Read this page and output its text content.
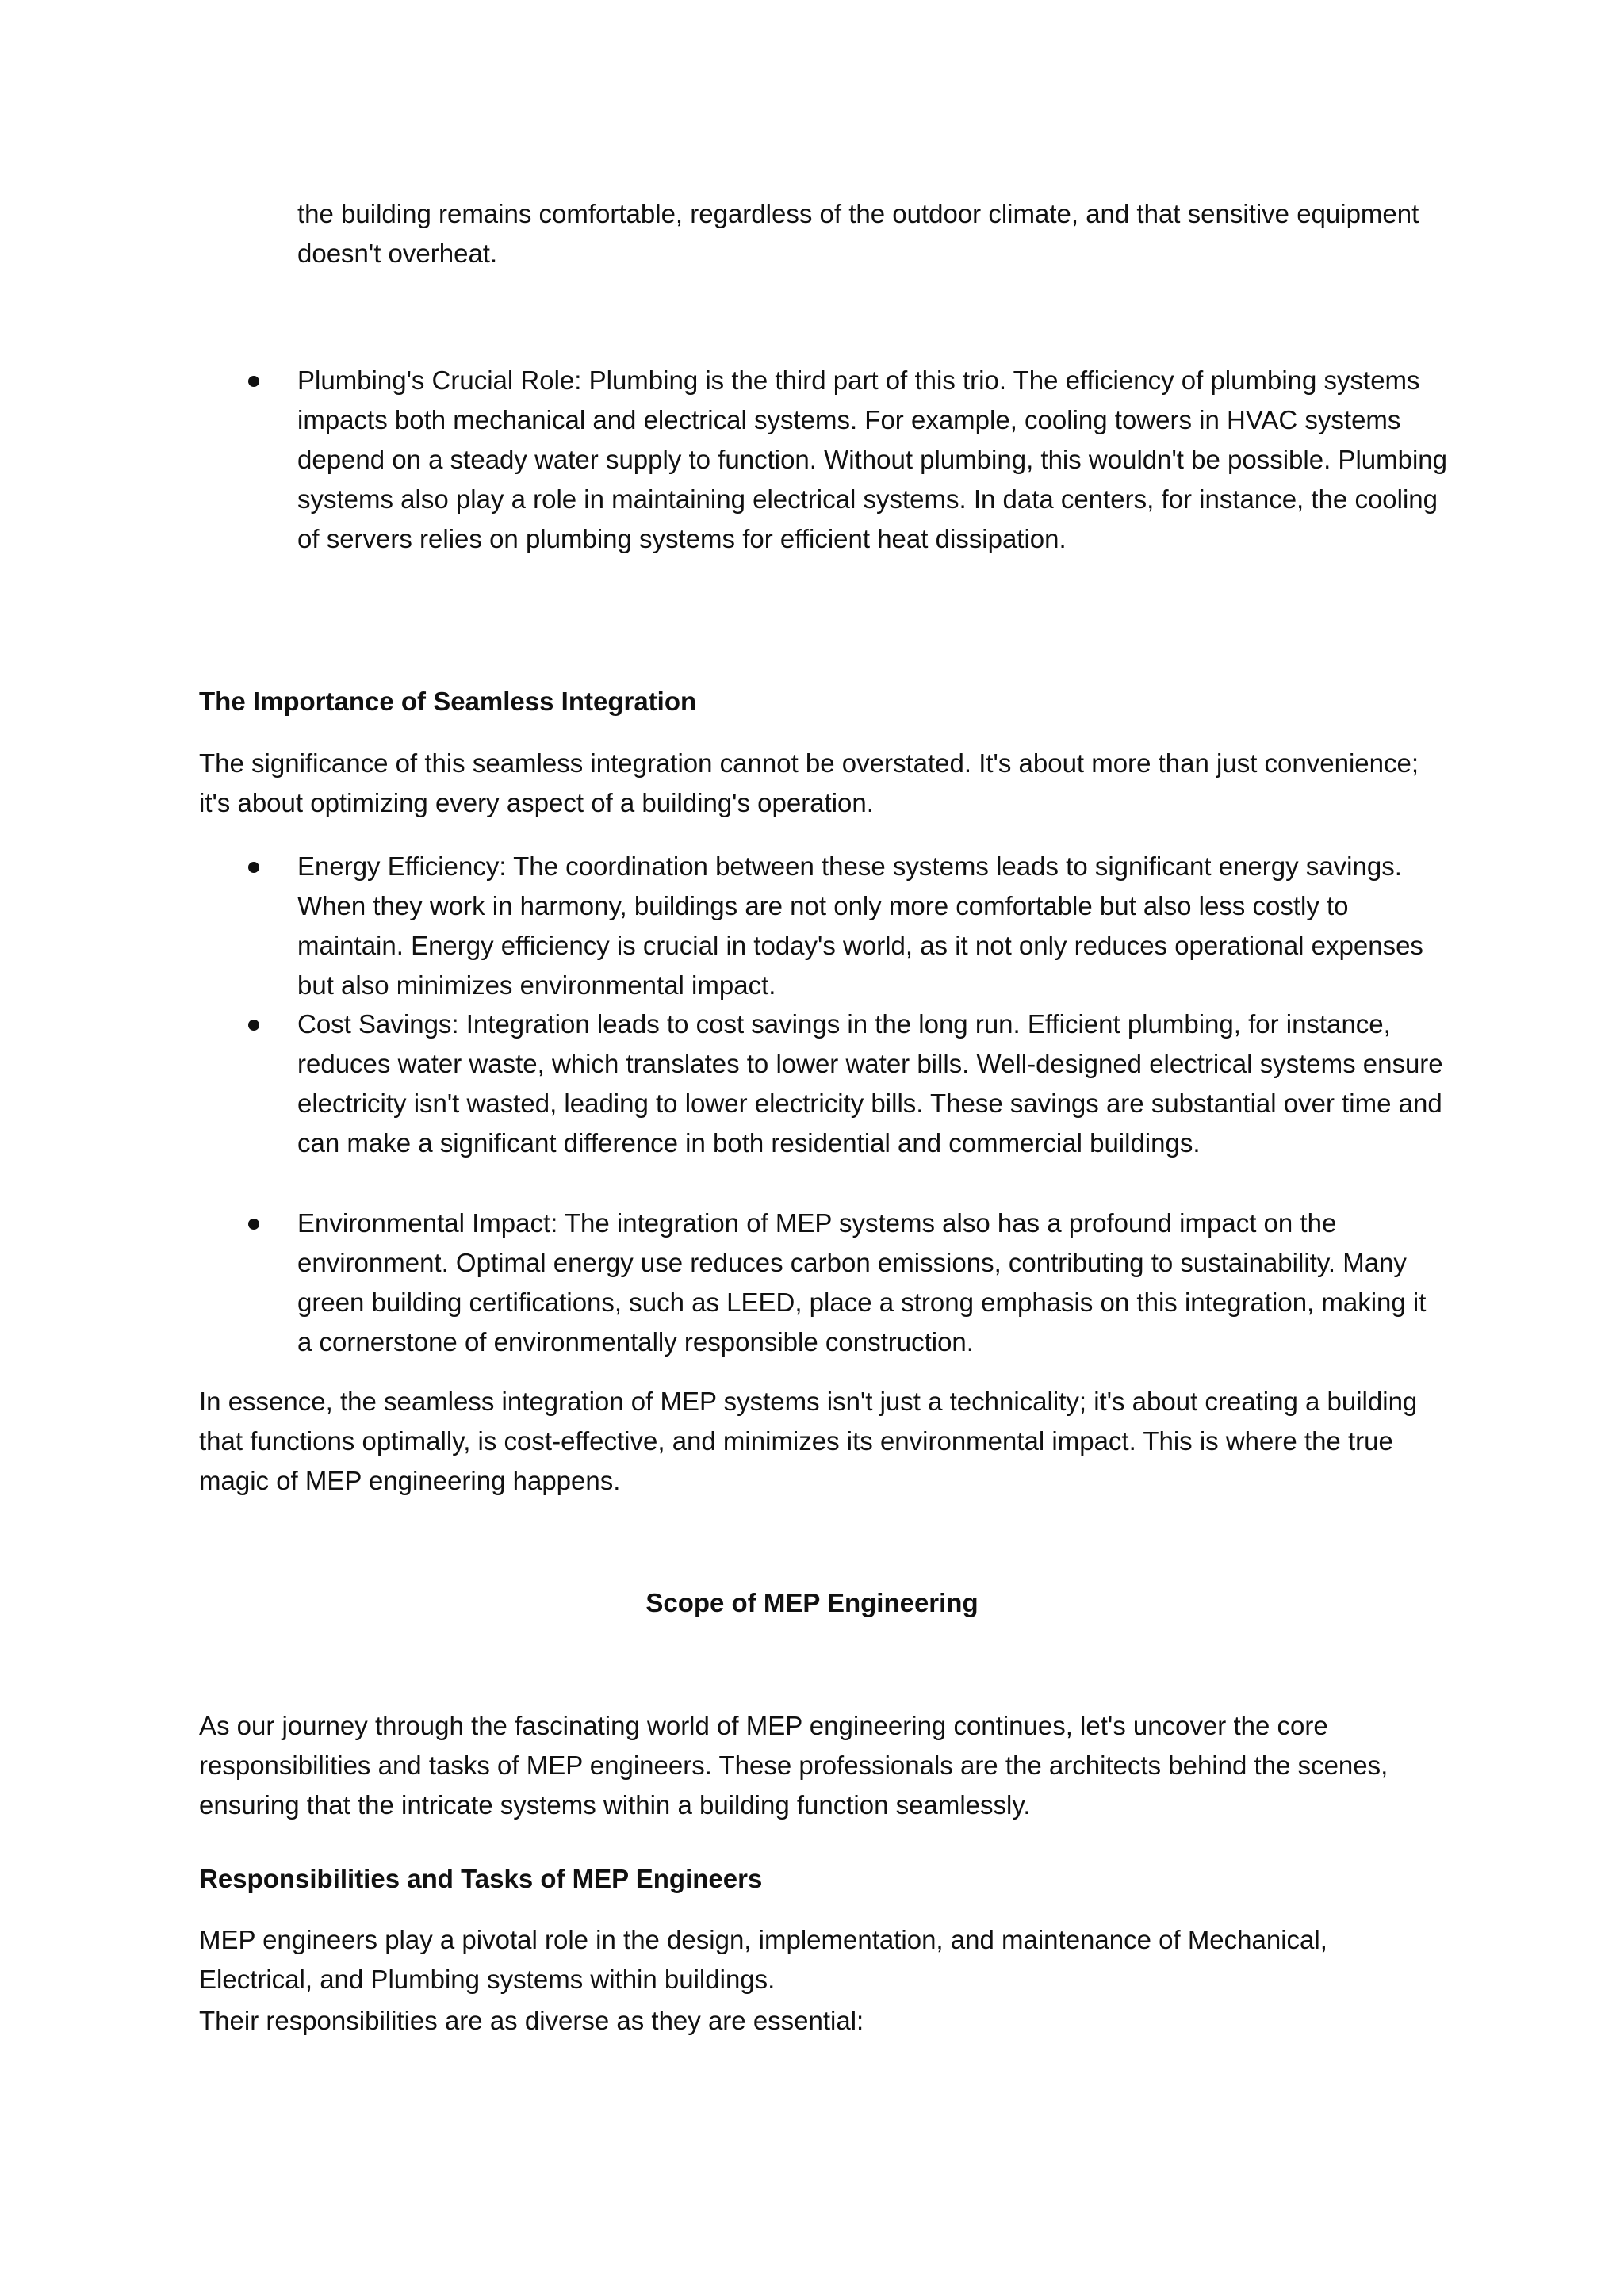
the building remains comfortable, regardless of the outdoor climate, and that sensitive equipment doesn't overheat.

Plumbing's Crucial Role: Plumbing is the third part of this trio. The efficiency of plumbing systems impacts both mechanical and electrical systems. For example, cooling towers in HVAC systems depend on a steady water supply to function. Without plumbing, this wouldn't be possible. Plumbing systems also play a role in maintaining electrical systems. In data centers, for instance, the cooling of servers relies on plumbing systems for efficient heat dissipation.

The Importance of Seamless Integration

The significance of this seamless integration cannot be overstated. It's about more than just convenience; it's about optimizing every aspect of a building's operation.

Energy Efficiency: The coordination between these systems leads to significant energy savings. When they work in harmony, buildings are not only more comfortable but also less costly to maintain. Energy efficiency is crucial in today's world, as it not only reduces operational expenses but also minimizes environmental impact.

Cost Savings: Integration leads to cost savings in the long run. Efficient plumbing, for instance, reduces water waste, which translates to lower water bills. Well-designed electrical systems ensure electricity isn't wasted, leading to lower electricity bills. These savings are substantial over time and can make a significant difference in both residential and commercial buildings.

Environmental Impact: The integration of MEP systems also has a profound impact on the environment. Optimal energy use reduces carbon emissions, contributing to sustainability. Many green building certifications, such as LEED, place a strong emphasis on this integration, making it a cornerstone of environmentally responsible construction.

In essence, the seamless integration of MEP systems isn't just a technicality; it's about creating a building that functions optimally, is cost-effective, and minimizes its environmental impact. This is where the true magic of MEP engineering happens.

Scope of MEP Engineering

As our journey through the fascinating world of MEP engineering continues, let's uncover the core responsibilities and tasks of MEP engineers. These professionals are the architects behind the scenes, ensuring that the intricate systems within a building function seamlessly.

Responsibilities and Tasks of MEP Engineers

MEP engineers play a pivotal role in the design, implementation, and maintenance of Mechanical, Electrical, and Plumbing systems within buildings.

Their responsibilities are as diverse as they are essential:
